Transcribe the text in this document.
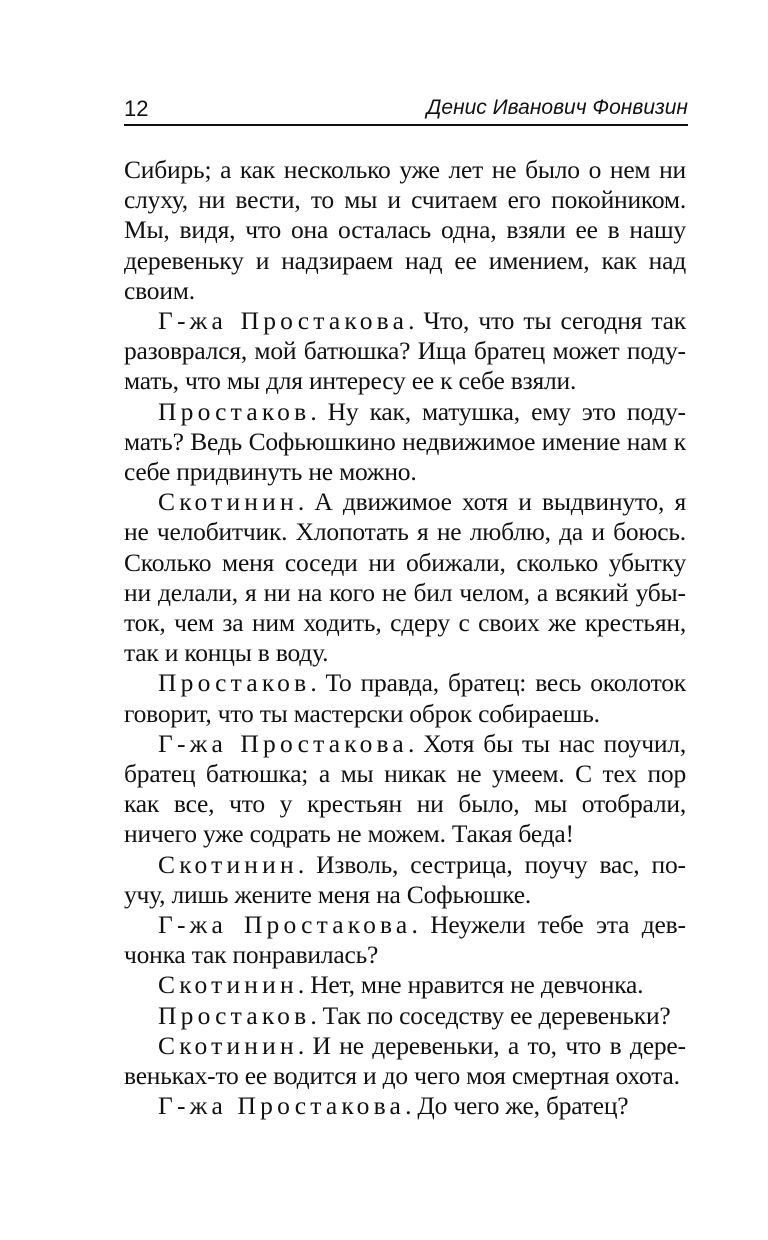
12	Денис Иванович Фонвизин

Сибирь; а как несколько уже лет не было о нем ни слуху, ни вести, то мы и считаем его покойником. Мы, видя, что она осталась одна, взяли ее в нашу деревеньку и надзираем над ее имением, как над своим.

Г-жа Простакова. Что, что ты сегодня так разоврался, мой батюшка? Ища братец может подумать, что мы для интересу ее к себе взяли.

Простаков. Ну как, матушка, ему это подумать? Ведь Софьюшкино недвижимое имение нам к себе придвинуть не можно.

Скотинин. А движимое хотя и выдвинуто, я не челобитчик. Хлопотать я не люблю, да и боюсь. Сколько меня соседи ни обижали, сколько убытку ни делали, я ни на кого не бил челом, а всякий убыток, чем за ним ходить, сдеру с своих же крестьян, так и концы в воду.

Простаков. То правда, братец: весь околоток говорит, что ты мастерски оброк собираешь.

Г-жа Простакова. Хотя бы ты нас поучил, братец батюшка; а мы никак не умеем. С тех пор как все, что у крестьян ни было, мы отобрали, ничего уже содрать не можем. Такая беда!

Скотинин. Изволь, сестрица, поучу вас, поучу, лишь жените меня на Софьюшке.

Г-жа Простакова. Неужели тебе эта девчонка так понравилась?

Скотинин. Нет, мне нравится не девчонка.

Простаков. Так по соседству ее деревеньки?

Скотинин. И не деревеньки, а то, что в деревеньках-то ее водится и до чего моя смертная охота.

Г-жа Простакова. До чего же, братец?
